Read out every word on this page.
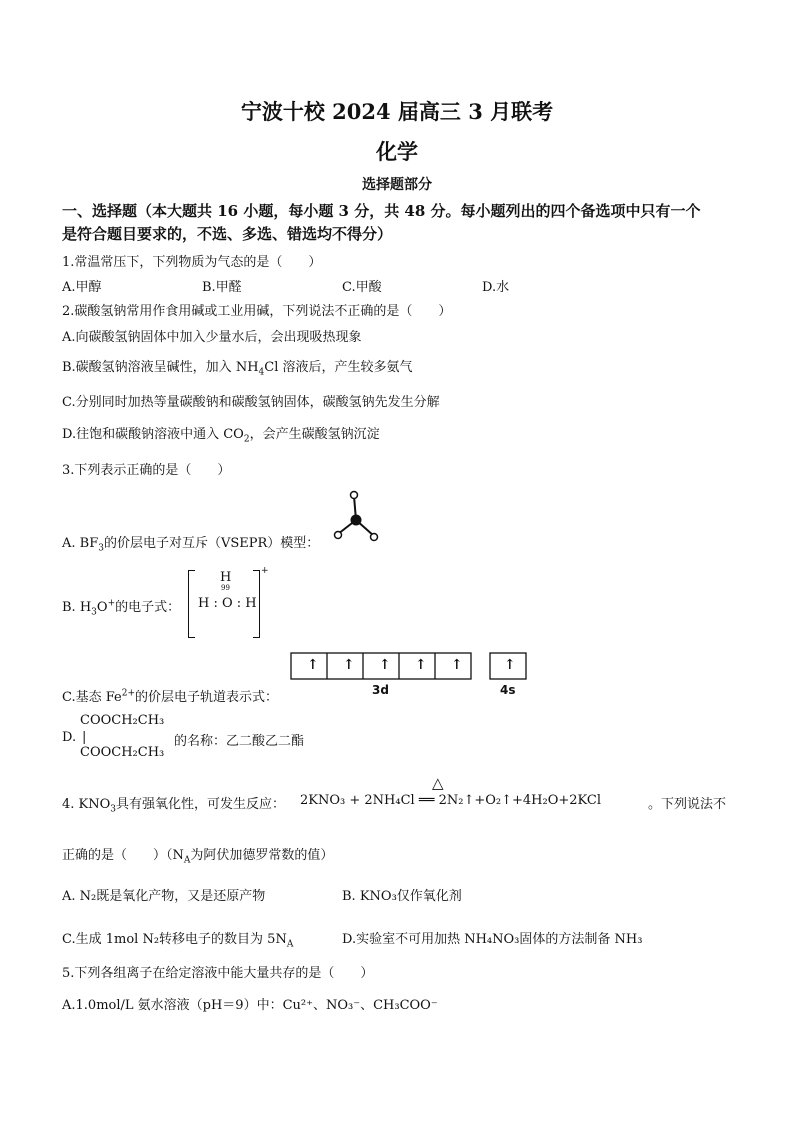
宁波十校 2024 届高三 3 月联考
化学
选择题部分
一、选择题（本大题共 16 小题，每小题 3 分，共 48 分。每小题列出的四个备选项中只有一个
是符合题目要求的，不选、多选、错选均不得分）
1.常温常压下，下列物质为气态的是（　　）
A.甲醇	B.甲醛	C.甲酸	D.水
2.碳酸氢钠常用作食用碱或工业用碱，下列说法不正确的是（　　）
A.向碳酸氢钠固体中加入少量水后，会出现吸热现象
B.碳酸氢钠溶液呈碱性，加入 $NH_4Cl$ 溶液后，产生较多氨气
C.分别同时加热等量碳酸钠和碳酸氢钠固体，碳酸氢钠先发生分解
D.往饱和碳酸钠溶液中通入 $CO_2$，会产生碳酸氢钠沉淀
3.下列表示正确的是（　　）
A. $BF_3$的价层电子对互斥（VSEPR）模型：
B. $H_3O^+$的电子式：
H
99
H : O : H
+
↑ ↑ ↑ ↑ ↑	↑
3d	4s
C.基态 $Fe^{2+}$的价层电子轨道表示式：
COOCH₂CH₃
D. |
COOCH₂CH₃
的名称：乙二酸乙二酯
4. $KNO_3$具有强氧化性，可发生反应： 2KNO₃ + 2NH₄Cl ══ 2N₂↑+O₂↑+4H₂O+2KCl
△
。下列说法不
正确的是（　　）（$N_A$为阿伏加德罗常数的值）
A. N₂既是氧化产物，又是还原产物	B. KNO₃仅作氧化剂
C.生成 1mol N₂转移电子的数目为 $5N_A$	D.实验室不可用加热 NH₄NO₃固体的方法制备 NH₃
5.下列各组离子在给定溶液中能大量共存的是（　　）
A.1.0mol/L 氨水溶液（pH＝9）中：Cu²⁺、NO₃⁻、CH₃COO⁻
